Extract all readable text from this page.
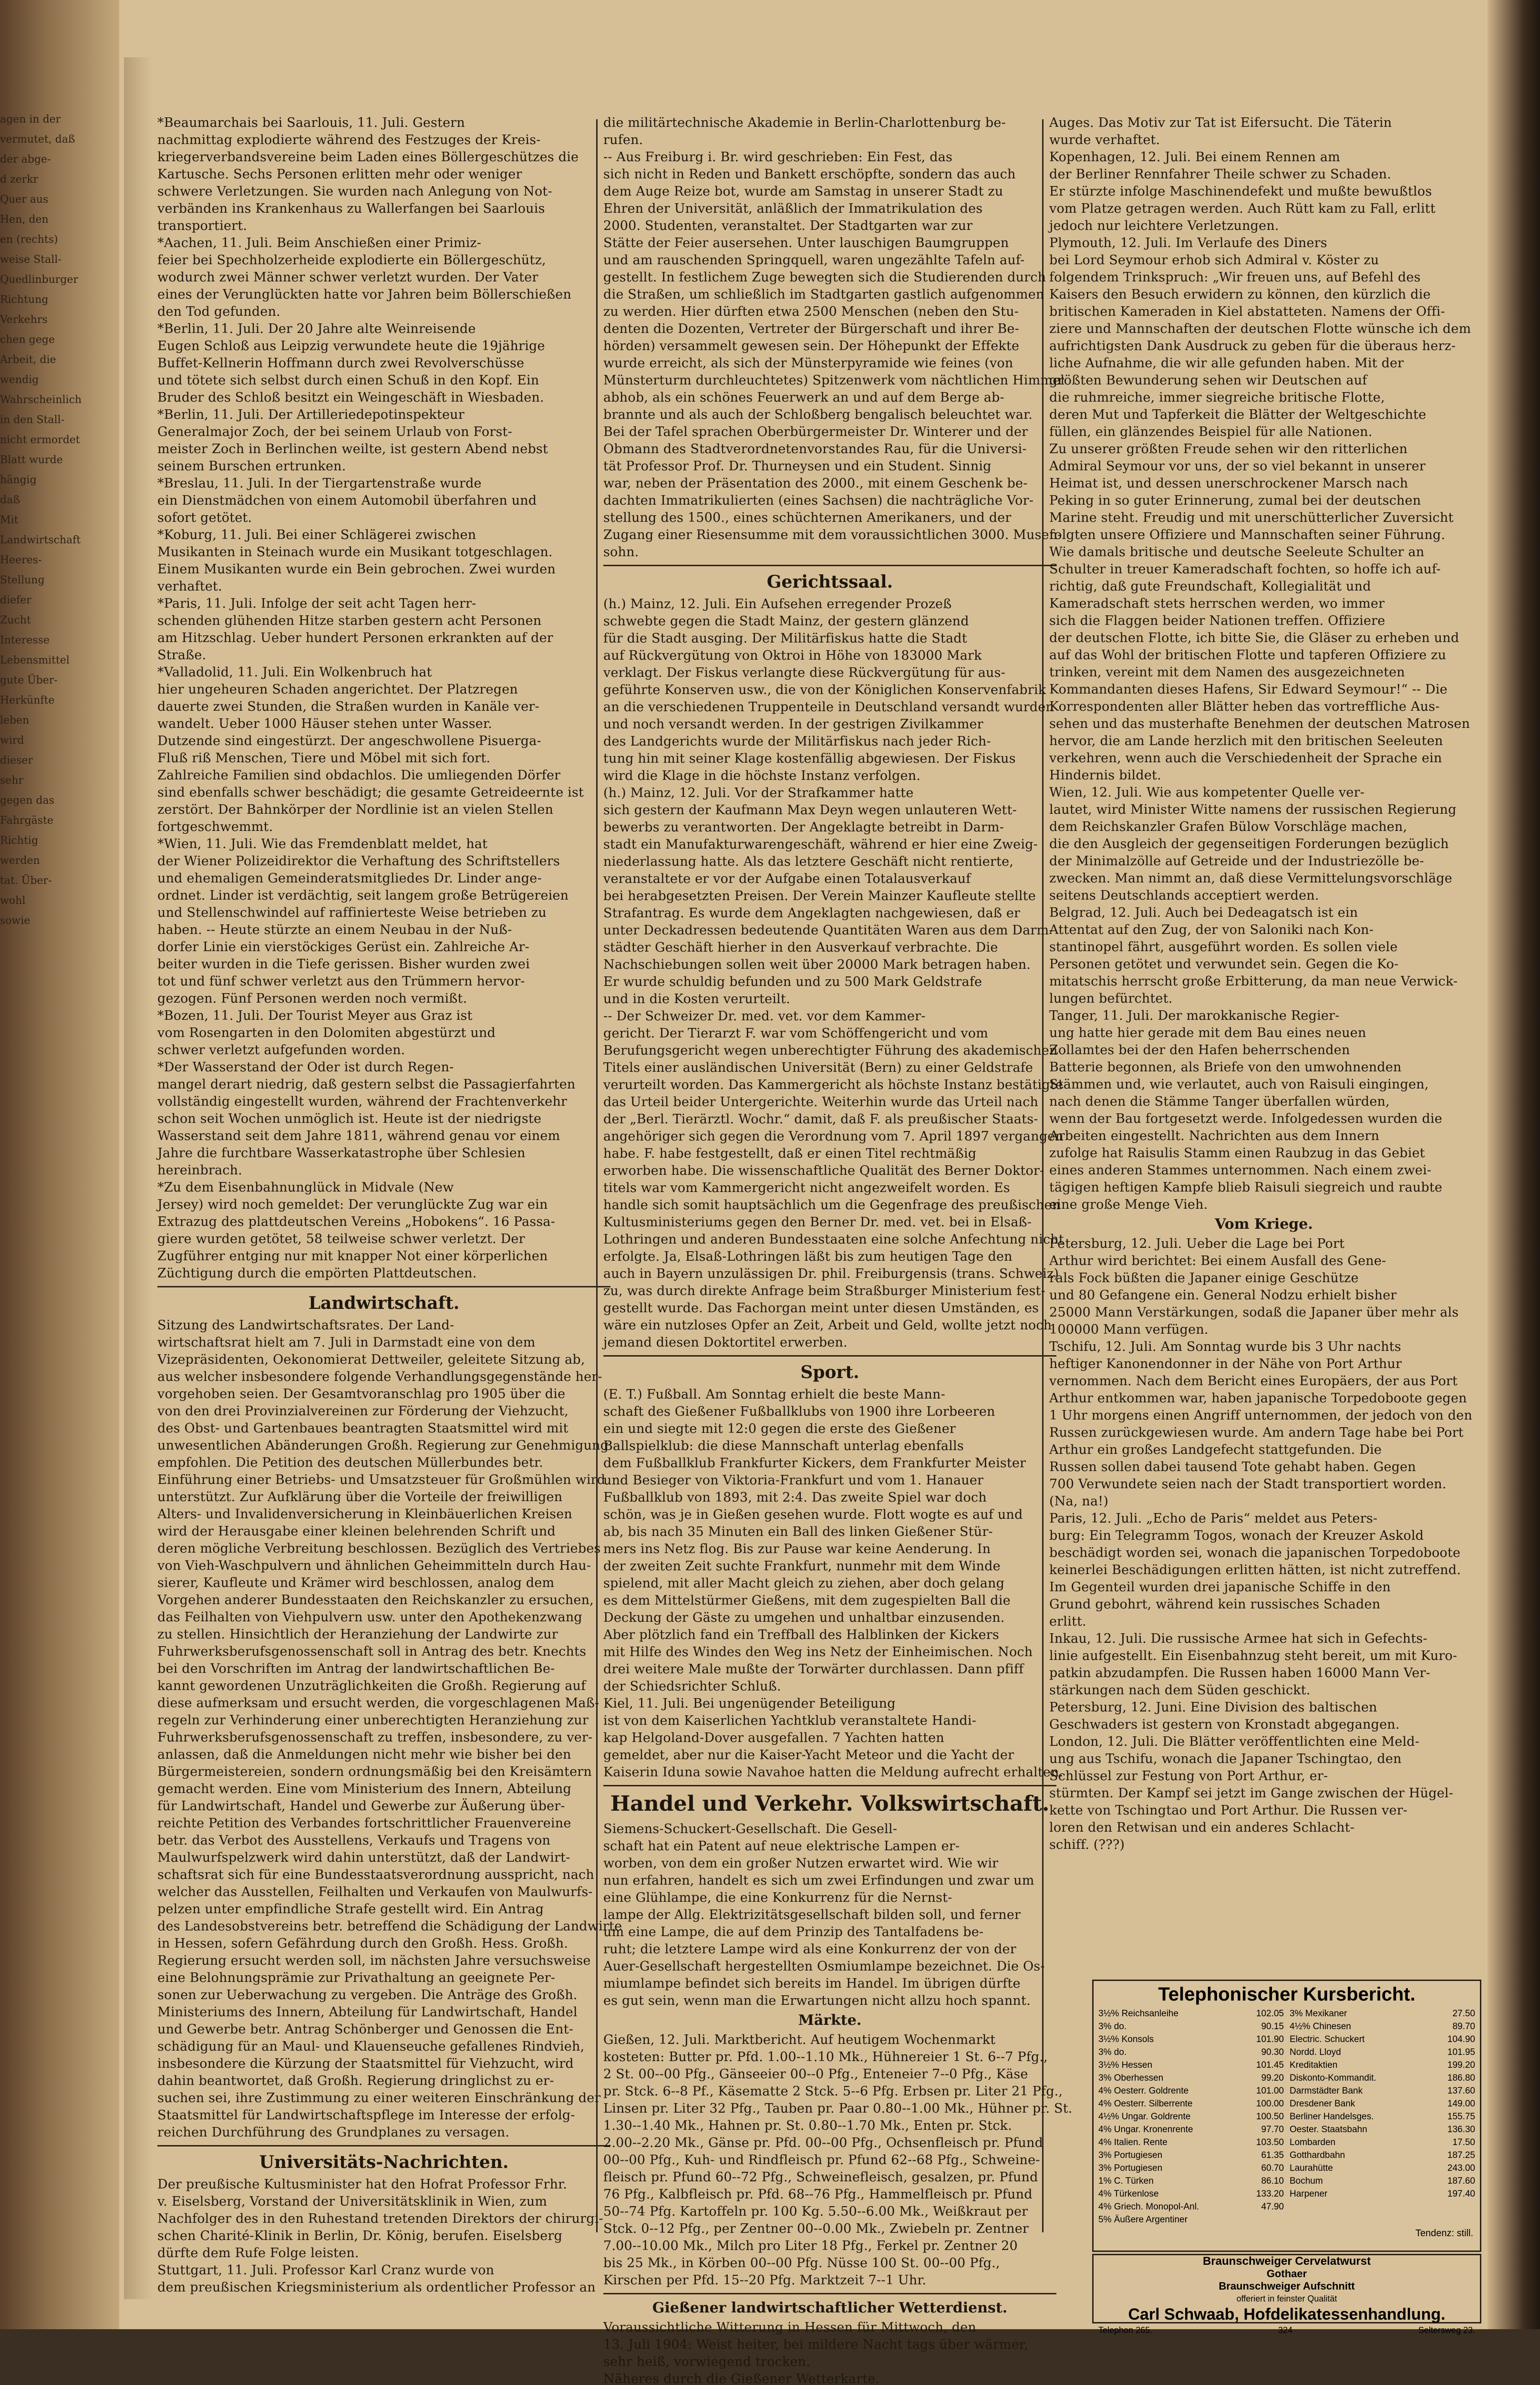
agen in der
vermutet, daß
der abge-
d zerkr
Quer aus
Hen, den
en (rechts)
weise Stall-
Quedlinburger
Richtung
Verkehrs
chen gege
Arbeit, die
wendig
Wahrscheinlich
in den Stall-
nicht ermordet
Blatt wurde
hängig
daß
Mit
Landwirtschaft
Heeres-
Stellung
diefer
Zucht
Interesse
Lebensmittel
gute Über-
Herkünfte
leben
wird
dieser
sehr
gegen das
Fahrgäste
Richtig
werden
tat. Über-
wohl
sowie
*Beaumarchais bei Saarlouis, 11. Juli. Gestern
nachmittag explodierte während des Festzuges der Kreis-
kriegerverbandsvereine beim Laden eines Böllergeschützes die
Kartusche. Sechs Personen erlitten mehr oder weniger
schwere Verletzungen. Sie wurden nach Anlegung von Not-
verbänden ins Krankenhaus zu Wallerfangen bei Saarlouis
transportiert.
*Aachen, 11. Juli. Beim Anschießen einer Primiz-
feier bei Spechholzerheide explodierte ein Böllergeschütz,
wodurch zwei Männer schwer verletzt wurden. Der Vater
eines der Verunglückten hatte vor Jahren beim Böllerschießen
den Tod gefunden.
*Berlin, 11. Juli. Der 20 Jahre alte Weinreisende
Eugen Schloß aus Leipzig verwundete heute die 19jährige
Buffet-Kellnerin Hoffmann durch zwei Revolverschüsse
und tötete sich selbst durch einen Schuß in den Kopf. Ein
Bruder des Schloß besitzt ein Weingeschäft in Wiesbaden.
*Berlin, 11. Juli. Der Artilleriedepotinspekteur
Generalmajor Zoch, der bei seinem Urlaub von Forst-
meister Zoch in Berlinchen weilte, ist gestern Abend nebst
seinem Burschen ertrunken.
*Breslau, 11. Juli. In der Tiergartenstraße wurde
ein Dienstmädchen von einem Automobil überfahren und
sofort getötet.
*Koburg, 11. Juli. Bei einer Schlägerei zwischen
Musikanten in Steinach wurde ein Musikant totgeschlagen.
Einem Musikanten wurde ein Bein gebrochen. Zwei wurden
verhaftet.
*Paris, 11. Juli. Infolge der seit acht Tagen herr-
schenden glühenden Hitze starben gestern acht Personen
am Hitzschlag. Ueber hundert Personen erkrankten auf der
Straße.
*Valladolid, 11. Juli. Ein Wolkenbruch hat
hier ungeheuren Schaden angerichtet. Der Platzregen
dauerte zwei Stunden, die Straßen wurden in Kanäle ver-
wandelt. Ueber 1000 Häuser stehen unter Wasser.
Dutzende sind eingestürzt. Der angeschwollene Pisuerga-
Fluß riß Menschen, Tiere und Möbel mit sich fort.
Zahlreiche Familien sind obdachlos. Die umliegenden Dörfer
sind ebenfalls schwer beschädigt; die gesamte Getreideernte ist
zerstört. Der Bahnkörper der Nordlinie ist an vielen Stellen
fortgeschwemmt.
*Wien, 11. Juli. Wie das Fremdenblatt meldet, hat
der Wiener Polizeidirektor die Verhaftung des Schriftstellers
und ehemaligen Gemeinderatsmitgliedes Dr. Linder ange-
ordnet. Linder ist verdächtig, seit langem große Betrügereien
und Stellenschwindel auf raffinierteste Weise betrieben zu
haben. -- Heute stürzte an einem Neubau in der Nuß-
dorfer Linie ein vierstöckiges Gerüst ein. Zahlreiche Ar-
beiter wurden in die Tiefe gerissen. Bisher wurden zwei
tot und fünf schwer verletzt aus den Trümmern hervor-
gezogen. Fünf Personen werden noch vermißt.
*Bozen, 11. Juli. Der Tourist Meyer aus Graz ist
vom Rosengarten in den Dolomiten abgestürzt und
schwer verletzt aufgefunden worden.
*Der Wasserstand der Oder ist durch Regen-
mangel derart niedrig, daß gestern selbst die Passagierfahrten
vollständig eingestellt wurden, während der Frachtenverkehr
schon seit Wochen unmöglich ist. Heute ist der niedrigste
Wasserstand seit dem Jahre 1811, während genau vor einem
Jahre die furchtbare Wasserkatastrophe über Schlesien
hereinbrach.
*Zu dem Eisenbahnunglück in Midvale (New
Jersey) wird noch gemeldet: Der verunglückte Zug war ein
Extrazug des plattdeutschen Vereins „Hobokens“. 16 Passa-
giere wurden getötet, 58 teilweise schwer verletzt. Der
Zugführer entging nur mit knapper Not einer körperlichen
Züchtigung durch die empörten Plattdeutschen.
Landwirtschaft.
Sitzung des Landwirtschaftsrates. Der Land-
wirtschaftsrat hielt am 7. Juli in Darmstadt eine von dem
Vizepräsidenten, Oekonomierat Dettweiler, geleitete Sitzung ab,
aus welcher insbesondere folgende Verhandlungsgegenstände her-
vorgehoben seien. Der Gesamtvoranschlag pro 1905 über die
von den drei Provinzialvereinen zur Förderung der Viehzucht,
des Obst- und Gartenbaues beantragten Staatsmittel wird mit
unwesentlichen Abänderungen Großh. Regierung zur Genehmigung
empfohlen. Die Petition des deutschen Müllerbundes betr.
Einführung einer Betriebs- und Umsatzsteuer für Großmühlen wird
unterstützt. Zur Aufklärung über die Vorteile der freiwilligen
Alters- und Invalidenversicherung in Kleinbäuerlichen Kreisen
wird der Herausgabe einer kleinen belehrenden Schrift und
deren mögliche Verbreitung beschlossen. Bezüglich des Vertriebes
von Vieh-Waschpulvern und ähnlichen Geheimmitteln durch Hau-
sierer, Kaufleute und Krämer wird beschlossen, analog dem
Vorgehen anderer Bundesstaaten den Reichskanzler zu ersuchen,
das Feilhalten von Viehpulvern usw. unter den Apothekenzwang
zu stellen. Hinsichtlich der Heranziehung der Landwirte zur
Fuhrwerksberufsgenossenschaft soll in Antrag des betr. Knechts
bei den Vorschriften im Antrag der landwirtschaftlichen Be-
kannt gewordenen Unzuträglichkeiten die Großh. Regierung auf
diese aufmerksam und ersucht werden, die vorgeschlagenen Maß-
regeln zur Verhinderung einer unberechtigten Heranziehung zur
Fuhrwerksberufsgenossenschaft zu treffen, insbesondere, zu ver-
anlassen, daß die Anmeldungen nicht mehr wie bisher bei den
Bürgermeistereien, sondern ordnungsmäßig bei den Kreisämtern
gemacht werden. Eine vom Ministerium des Innern, Abteilung
für Landwirtschaft, Handel und Gewerbe zur Äußerung über-
reichte Petition des Verbandes fortschrittlicher Frauenvereine
betr. das Verbot des Ausstellens, Verkaufs und Tragens von
Maulwurfspelzwerk wird dahin unterstützt, daß der Landwirt-
schaftsrat sich für eine Bundesstaatsverordnung ausspricht, nach
welcher das Ausstellen, Feilhalten und Verkaufen von Maulwurfs-
pelzen unter empfindliche Strafe gestellt wird. Ein Antrag
des Landesobstvereins betr. betreffend die Schädigung der Landwirte
in Hessen, sofern Gefährdung durch den Großh. Hess. Großh.
Regierung ersucht werden soll, im nächsten Jahre versuchsweise
eine Belohnungsprämie zur Privathaltung an geeignete Per-
sonen zur Ueberwachung zu vergeben. Die Anträge des Großh.
Ministeriums des Innern, Abteilung für Landwirtschaft, Handel
und Gewerbe betr. Antrag Schönberger und Genossen die Ent-
schädigung für an Maul- und Klauenseuche gefallenes Rindvieh,
insbesondere die Kürzung der Staatsmittel für Viehzucht, wird
dahin beantwortet, daß Großh. Regierung dringlichst zu er-
suchen sei, ihre Zustimmung zu einer weiteren Einschränkung der
Staatsmittel für Landwirtschaftspflege im Interesse der erfolg-
reichen Durchführung des Grundplanes zu versagen.
Universitäts-Nachrichten.
Der preußische Kultusminister hat den Hofrat Professor Frhr.
v. Eiselsberg, Vorstand der Universitätsklinik in Wien, zum
Nachfolger des in den Ruhestand tretenden Direktors der chirurgi-
schen Charité-Klinik in Berlin, Dr. König, berufen. Eiselsberg
dürfte dem Rufe Folge leisten.
Stuttgart, 11. Juli. Professor Karl Cranz wurde von
dem preußischen Kriegsministerium als ordentlicher Professor an
die militärtechnische Akademie in Berlin-Charlottenburg be-
rufen.
-- Aus Freiburg i. Br. wird geschrieben: Ein Fest, das
sich nicht in Reden und Bankett erschöpfte, sondern das auch
dem Auge Reize bot, wurde am Samstag in unserer Stadt zu
Ehren der Universität, anläßlich der Immatrikulation des
2000. Studenten, veranstaltet. Der Stadtgarten war zur
Stätte der Feier ausersehen. Unter lauschigen Baumgruppen
und am rauschenden Springquell, waren ungezählte Tafeln auf-
gestellt. In festlichem Zuge bewegten sich die Studierenden durch
die Straßen, um schließlich im Stadtgarten gastlich aufgenommen
zu werden. Hier dürften etwa 2500 Menschen (neben den Stu-
denten die Dozenten, Vertreter der Bürgerschaft und ihrer Be-
hörden) versammelt gewesen sein. Der Höhepunkt der Effekte
wurde erreicht, als sich der Münsterpyramide wie feines (von
Münsterturm durchleuchtetes) Spitzenwerk vom nächtlichen Himmel
abhob, als ein schönes Feuerwerk an und auf dem Berge ab-
brannte und als auch der Schloßberg bengalisch beleuchtet war.
Bei der Tafel sprachen Oberbürgermeister Dr. Winterer und der
Obmann des Stadtverordnetenvorstandes Rau, für die Universi-
tät Professor Prof. Dr. Thurneysen und ein Student. Sinnig
war, neben der Präsentation des 2000., mit einem Geschenk be-
dachten Immatrikulierten (eines Sachsen) die nachträgliche Vor-
stellung des 1500., eines schüchternen Amerikaners, und der
Zugang einer Riesensumme mit dem voraussichtlichen 3000. Musen-
sohn.
Gerichtssaal.
(h.) Mainz, 12. Juli. Ein Aufsehen erregender Prozeß
schwebte gegen die Stadt Mainz, der gestern glänzend
für die Stadt ausging. Der Militärfiskus hatte die Stadt
auf Rückvergütung von Oktroi in Höhe von 183000 Mark
verklagt. Der Fiskus verlangte diese Rückvergütung für aus-
geführte Konserven usw., die von der Königlichen Konservenfabrik
an die verschiedenen Truppenteile in Deutschland versandt wurden
und noch versandt werden. In der gestrigen Zivilkammer
des Landgerichts wurde der Militärfiskus nach jeder Rich-
tung hin mit seiner Klage kostenfällig abgewiesen. Der Fiskus
wird die Klage in die höchste Instanz verfolgen.
(h.) Mainz, 12. Juli. Vor der Strafkammer hatte
sich gestern der Kaufmann Max Deyn wegen unlauteren Wett-
bewerbs zu verantworten. Der Angeklagte betreibt in Darm-
stadt ein Manufakturwarengeschäft, während er hier eine Zweig-
niederlassung hatte. Als das letztere Geschäft nicht rentierte,
veranstaltete er vor der Aufgabe einen Totalausverkauf
bei herabgesetzten Preisen. Der Verein Mainzer Kaufleute stellte
Strafantrag. Es wurde dem Angeklagten nachgewiesen, daß er
unter Deckadressen bedeutende Quantitäten Waren aus dem Darm-
städter Geschäft hierher in den Ausverkauf verbrachte. Die
Nachschiebungen sollen weit über 20000 Mark betragen haben.
Er wurde schuldig befunden und zu 500 Mark Geldstrafe
und in die Kosten verurteilt.
-- Der Schweizer Dr. med. vet. vor dem Kammer-
gericht. Der Tierarzt F. war vom Schöffengericht und vom
Berufungsgericht wegen unberechtigter Führung des akademischen
Titels einer ausländischen Universität (Bern) zu einer Geldstrafe
verurteilt worden. Das Kammergericht als höchste Instanz bestätigte
das Urteil beider Untergerichte. Weiterhin wurde das Urteil nach
der „Berl. Tierärztl. Wochr.“ damit, daß F. als preußischer Staats-
angehöriger sich gegen die Verordnung vom 7. April 1897 vergangen
habe. F. habe festgestellt, daß er einen Titel rechtmäßig
erworben habe. Die wissenschaftliche Qualität des Berner Doktor-
titels war vom Kammergericht nicht angezweifelt worden. Es
handle sich somit hauptsächlich um die Gegenfrage des preußischen
Kultusministeriums gegen den Berner Dr. med. vet. bei in Elsaß-
Lothringen und anderen Bundesstaaten eine solche Anfechtung nicht
erfolgte. Ja, Elsaß-Lothringen läßt bis zum heutigen Tage den
auch in Bayern unzulässigen Dr. phil. Freiburgensis (trans. Schweiz)
zu, was durch direkte Anfrage beim Straßburger Ministerium fest-
gestellt wurde. Das Fachorgan meint unter diesen Umständen, es
wäre ein nutzloses Opfer an Zeit, Arbeit und Geld, wollte jetzt noch
jemand diesen Doktortitel erwerben.
Sport.
(E. T.) Fußball. Am Sonntag erhielt die beste Mann-
schaft des Gießener Fußballklubs von 1900 ihre Lorbeeren
ein und siegte mit 12:0 gegen die erste des Gießener
Ballspielklub: die diese Mannschaft unterlag ebenfalls
dem Fußballklub Frankfurter Kickers, dem Frankfurter Meister
und Besieger von Viktoria-Frankfurt und vom 1. Hanauer
Fußballklub von 1893, mit 2:4. Das zweite Spiel war doch
schön, was je in Gießen gesehen wurde. Flott wogte es auf und
ab, bis nach 35 Minuten ein Ball des linken Gießener Stür-
mers ins Netz flog. Bis zur Pause war keine Aenderung. In
der zweiten Zeit suchte Frankfurt, nunmehr mit dem Winde
spielend, mit aller Macht gleich zu ziehen, aber doch gelang
es dem Mittelstürmer Gießens, mit dem zugespielten Ball die
Deckung der Gäste zu umgehen und unhaltbar einzusenden.
Aber plötzlich fand ein Treffball des Halblinken der Kickers
mit Hilfe des Windes den Weg ins Netz der Einheimischen. Noch
drei weitere Male mußte der Torwärter durchlassen. Dann pfiff
der Schiedsrichter Schluß.
Kiel, 11. Juli. Bei ungenügender Beteiligung
ist von dem Kaiserlichen Yachtklub veranstaltete Handi-
kap Helgoland-Dover ausgefallen. 7 Yachten hatten
gemeldet, aber nur die Kaiser-Yacht Meteor und die Yacht der
Kaiserin Iduna sowie Navahoe hatten die Meldung aufrecht erhalten.
Handel und Verkehr. Volkswirtschaft.
Siemens-Schuckert-Gesellschaft. Die Gesell-
schaft hat ein Patent auf neue elektrische Lampen er-
worben, von dem ein großer Nutzen erwartet wird. Wie wir
nun erfahren, handelt es sich um zwei Erfindungen und zwar um
eine Glühlampe, die eine Konkurrenz für die Nernst-
lampe der Allg. Elektrizitätsgesellschaft bilden soll, und ferner
um eine Lampe, die auf dem Prinzip des Tantalfadens be-
ruht; die letztere Lampe wird als eine Konkurrenz der von der
Auer-Gesellschaft hergestellten Osmiumlampe bezeichnet. Die Os-
miumlampe befindet sich bereits im Handel. Im übrigen dürfte
es gut sein, wenn man die Erwartungen nicht allzu hoch spannt.
Märkte.
Gießen, 12. Juli. Marktbericht. Auf heutigem Wochenmarkt
kosteten: Butter pr. Pfd. 1.00--1.10 Mk., Hühnereier 1 St. 6--7 Pfg.,
2 St. 00--00 Pfg., Gänseeier 00--0 Pfg., Enteneier 7--0 Pfg., Käse
pr. Stck. 6--8 Pf., Käsematte 2 Stck. 5--6 Pfg. Erbsen pr. Liter 21 Pfg.,
Linsen pr. Liter 32 Pfg., Tauben pr. Paar 0.80--1.00 Mk., Hühner pr. St.
1.30--1.40 Mk., Hahnen pr. St. 0.80--1.70 Mk., Enten pr. Stck.
2.00--2.20 Mk., Gänse pr. Pfd. 00--00 Pfg., Ochsenfleisch pr. Pfund
00--00 Pfg., Kuh- und Rindfleisch pr. Pfund 62--68 Pfg., Schweine-
fleisch pr. Pfund 60--72 Pfg., Schweinefleisch, gesalzen, pr. Pfund
76 Pfg., Kalbfleisch pr. Pfd. 68--76 Pfg., Hammelfleisch pr. Pfund
50--74 Pfg. Kartoffeln pr. 100 Kg. 5.50--6.00 Mk., Weißkraut per
Stck. 0--12 Pfg., per Zentner 00--0.00 Mk., Zwiebeln pr. Zentner
7.00--10.00 Mk., Milch pro Liter 18 Pfg., Ferkel pr. Zentner 20
bis 25 Mk., in Körben 00--00 Pfg. Nüsse 100 St. 00--00 Pfg.,
Kirschen per Pfd. 15--20 Pfg. Marktzeit 7--1 Uhr.
Gießener landwirtschaftlicher Wetterdienst.
Voraussichtliche Witterung in Hessen für Mittwoch, den
13. Juli 1904: Weist heiter, bei mildere Nacht tags über wärmer,
sehr heiß, vorwiegend trocken.
Näheres durch die Gießener Wetterkarte.
Auges. Das Motiv zur Tat ist Eifersucht. Die Täterin
wurde verhaftet.
Kopenhagen, 12. Juli. Bei einem Rennen am
der Berliner Rennfahrer Theile schwer zu Schaden.
Er stürzte infolge Maschinendefekt und mußte bewußtlos
vom Platze getragen werden. Auch Rütt kam zu Fall, erlitt
jedoch nur leichtere Verletzungen.
Plymouth, 12. Juli. Im Verlaufe des Diners
bei Lord Seymour erhob sich Admiral v. Köster zu
folgendem Trinkspruch: „Wir freuen uns, auf Befehl des
Kaisers den Besuch erwidern zu können, den kürzlich die
britischen Kameraden in Kiel abstatteten. Namens der Offi-
ziere und Mannschaften der deutschen Flotte wünsche ich dem
aufrichtigsten Dank Ausdruck zu geben für die überaus herz-
liche Aufnahme, die wir alle gefunden haben. Mit der
größten Bewunderung sehen wir Deutschen auf
die ruhmreiche, immer siegreiche britische Flotte,
deren Mut und Tapferkeit die Blätter der Weltgeschichte
füllen, ein glänzendes Beispiel für alle Nationen.
Zu unserer größten Freude sehen wir den ritterlichen
Admiral Seymour vor uns, der so viel bekannt in unserer
Heimat ist, und dessen unerschrockener Marsch nach
Peking in so guter Erinnerung, zumal bei der deutschen
Marine steht. Freudig und mit unerschütterlicher Zuversicht
folgten unsere Offiziere und Mannschaften seiner Führung.
Wie damals britische und deutsche Seeleute Schulter an
Schulter in treuer Kameradschaft fochten, so hoffe ich auf-
richtig, daß gute Freundschaft, Kollegialität und
Kameradschaft stets herrschen werden, wo immer
sich die Flaggen beider Nationen treffen. Offiziere
der deutschen Flotte, ich bitte Sie, die Gläser zu erheben und
auf das Wohl der britischen Flotte und tapferen Offiziere zu
trinken, vereint mit dem Namen des ausgezeichneten
Kommandanten dieses Hafens, Sir Edward Seymour!“ -- Die
Korrespondenten aller Blätter heben das vortreffliche Aus-
sehen und das musterhafte Benehmen der deutschen Matrosen
hervor, die am Lande herzlich mit den britischen Seeleuten
verkehren, wenn auch die Verschiedenheit der Sprache ein
Hindernis bildet.
Wien, 12. Juli. Wie aus kompetenter Quelle ver-
lautet, wird Minister Witte namens der russischen Regierung
dem Reichskanzler Grafen Bülow Vorschläge machen,
die den Ausgleich der gegenseitigen Forderungen bezüglich
der Minimalzölle auf Getreide und der Industriezölle be-
zwecken. Man nimmt an, daß diese Vermittelungsvorschläge
seitens Deutschlands acceptiert werden.
Belgrad, 12. Juli. Auch bei Dedeagatsch ist ein
Attentat auf den Zug, der von Saloniki nach Kon-
stantinopel fährt, ausgeführt worden. Es sollen viele
Personen getötet und verwundet sein. Gegen die Ko-
mitatschis herrscht große Erbitterung, da man neue Verwick-
lungen befürchtet.
Tanger, 11. Juli. Der marokkanische Regier-
ung hatte hier gerade mit dem Bau eines neuen
Zollamtes bei der den Hafen beherrschenden
Batterie begonnen, als Briefe von den umwohnenden
Stämmen und, wie verlautet, auch von Raisuli eingingen,
nach denen die Stämme Tanger überfallen würden,
wenn der Bau fortgesetzt werde. Infolgedessen wurden die
Arbeiten eingestellt. Nachrichten aus dem Innern
zufolge hat Raisulis Stamm einen Raubzug in das Gebiet
eines anderen Stammes unternommen. Nach einem zwei-
tägigen heftigen Kampfe blieb Raisuli siegreich und raubte
eine große Menge Vieh.
Vom Kriege.
Petersburg, 12. Juli. Ueber die Lage bei Port
Arthur wird berichtet: Bei einem Ausfall des Gene-
rals Fock büßten die Japaner einige Geschütze
und 80 Gefangene ein. General Nodzu erhielt bisher
25000 Mann Verstärkungen, sodaß die Japaner über mehr als
100000 Mann verfügen.
Tschifu, 12. Juli. Am Sonntag wurde bis 3 Uhr nachts
heftiger Kanonendonner in der Nähe von Port Arthur
vernommen. Nach dem Bericht eines Europäers, der aus Port
Arthur entkommen war, haben japanische Torpedoboote gegen
1 Uhr morgens einen Angriff unternommen, der jedoch von den
Russen zurückgewiesen wurde. Am andern Tage habe bei Port
Arthur ein großes Landgefecht stattgefunden. Die
Russen sollen dabei tausend Tote gehabt haben. Gegen
700 Verwundete seien nach der Stadt transportiert worden.
(Na, na!)
Paris, 12. Juli. „Echo de Paris“ meldet aus Peters-
burg: Ein Telegramm Togos, wonach der Kreuzer Askold
beschädigt worden sei, wonach die japanischen Torpedoboote
keinerlei Beschädigungen erlitten hätten, ist nicht zutreffend.
Im Gegenteil wurden drei japanische Schiffe in den
Grund gebohrt, während kein russisches Schaden
erlitt.
Inkau, 12. Juli. Die russische Armee hat sich in Gefechts-
linie aufgestellt. Ein Eisenbahnzug steht bereit, um mit Kuro-
patkin abzudampfen. Die Russen haben 16000 Mann Ver-
stärkungen nach dem Süden geschickt.
Petersburg, 12. Juni. Eine Division des baltischen
Geschwaders ist gestern von Kronstadt abgegangen.
London, 12. Juli. Die Blätter veröffentlichten eine Meld-
ung aus Tschifu, wonach die Japaner Tschingtao, den
Schlüssel zur Festung von Port Arthur, er-
stürmten. Der Kampf sei jetzt im Gange zwischen der Hügel-
kette von Tschingtao und Port Arthur. Die Russen ver-
loren den Retwisan und ein anderes Schlacht-
schiff. (???)
Telephonischer Kursbericht.
3½% Reichsanleihe	102.05
3% do.	90.15
3½% Konsols	101.90
3% do.	90.30
3½% Hessen	101.45
3% Oberhessen	99.20
4% Oesterr. Goldrente	101.00
4% Oesterr. Silberrente	100.00
4½% Ungar. Goldrente	100.50
4% Ungar. Kronenrente	97.70
4% Italien. Rente	103.50
3% Portugiesen	61.35
3% Portugiesen	60.70
1% C. Türken	86.10
4% Türkenlose	133.20
4% Griech. Monopol-Anl.	47.90
5% Äußere Argentiner
3% Mexikaner	27.50
4½% Chinesen	89.70
Electric. Schuckert	104.90
Nordd. Lloyd	101.95
Kreditaktien	199.20
Diskonto-Kommandit.	186.80
Darmstädter Bank	137.60
Dresdener Bank	149.00
Berliner Handelsges.	155.75
Oester. Staatsbahn	136.30
Lombarden	17.50
Gotthardbahn	187.25
Laurahütte	243.00
Bochum	187.60
Harpener	197.40
Tendenz: still.
Braunschweiger Cervelatwurst
Gothaer
Braunschweiger Aufschnitt
offeriert in feinster Qualität
Carl Schwaab, Hofdelikatessenhandlung.
Telephon 265.	324	Seltersweg 23.
